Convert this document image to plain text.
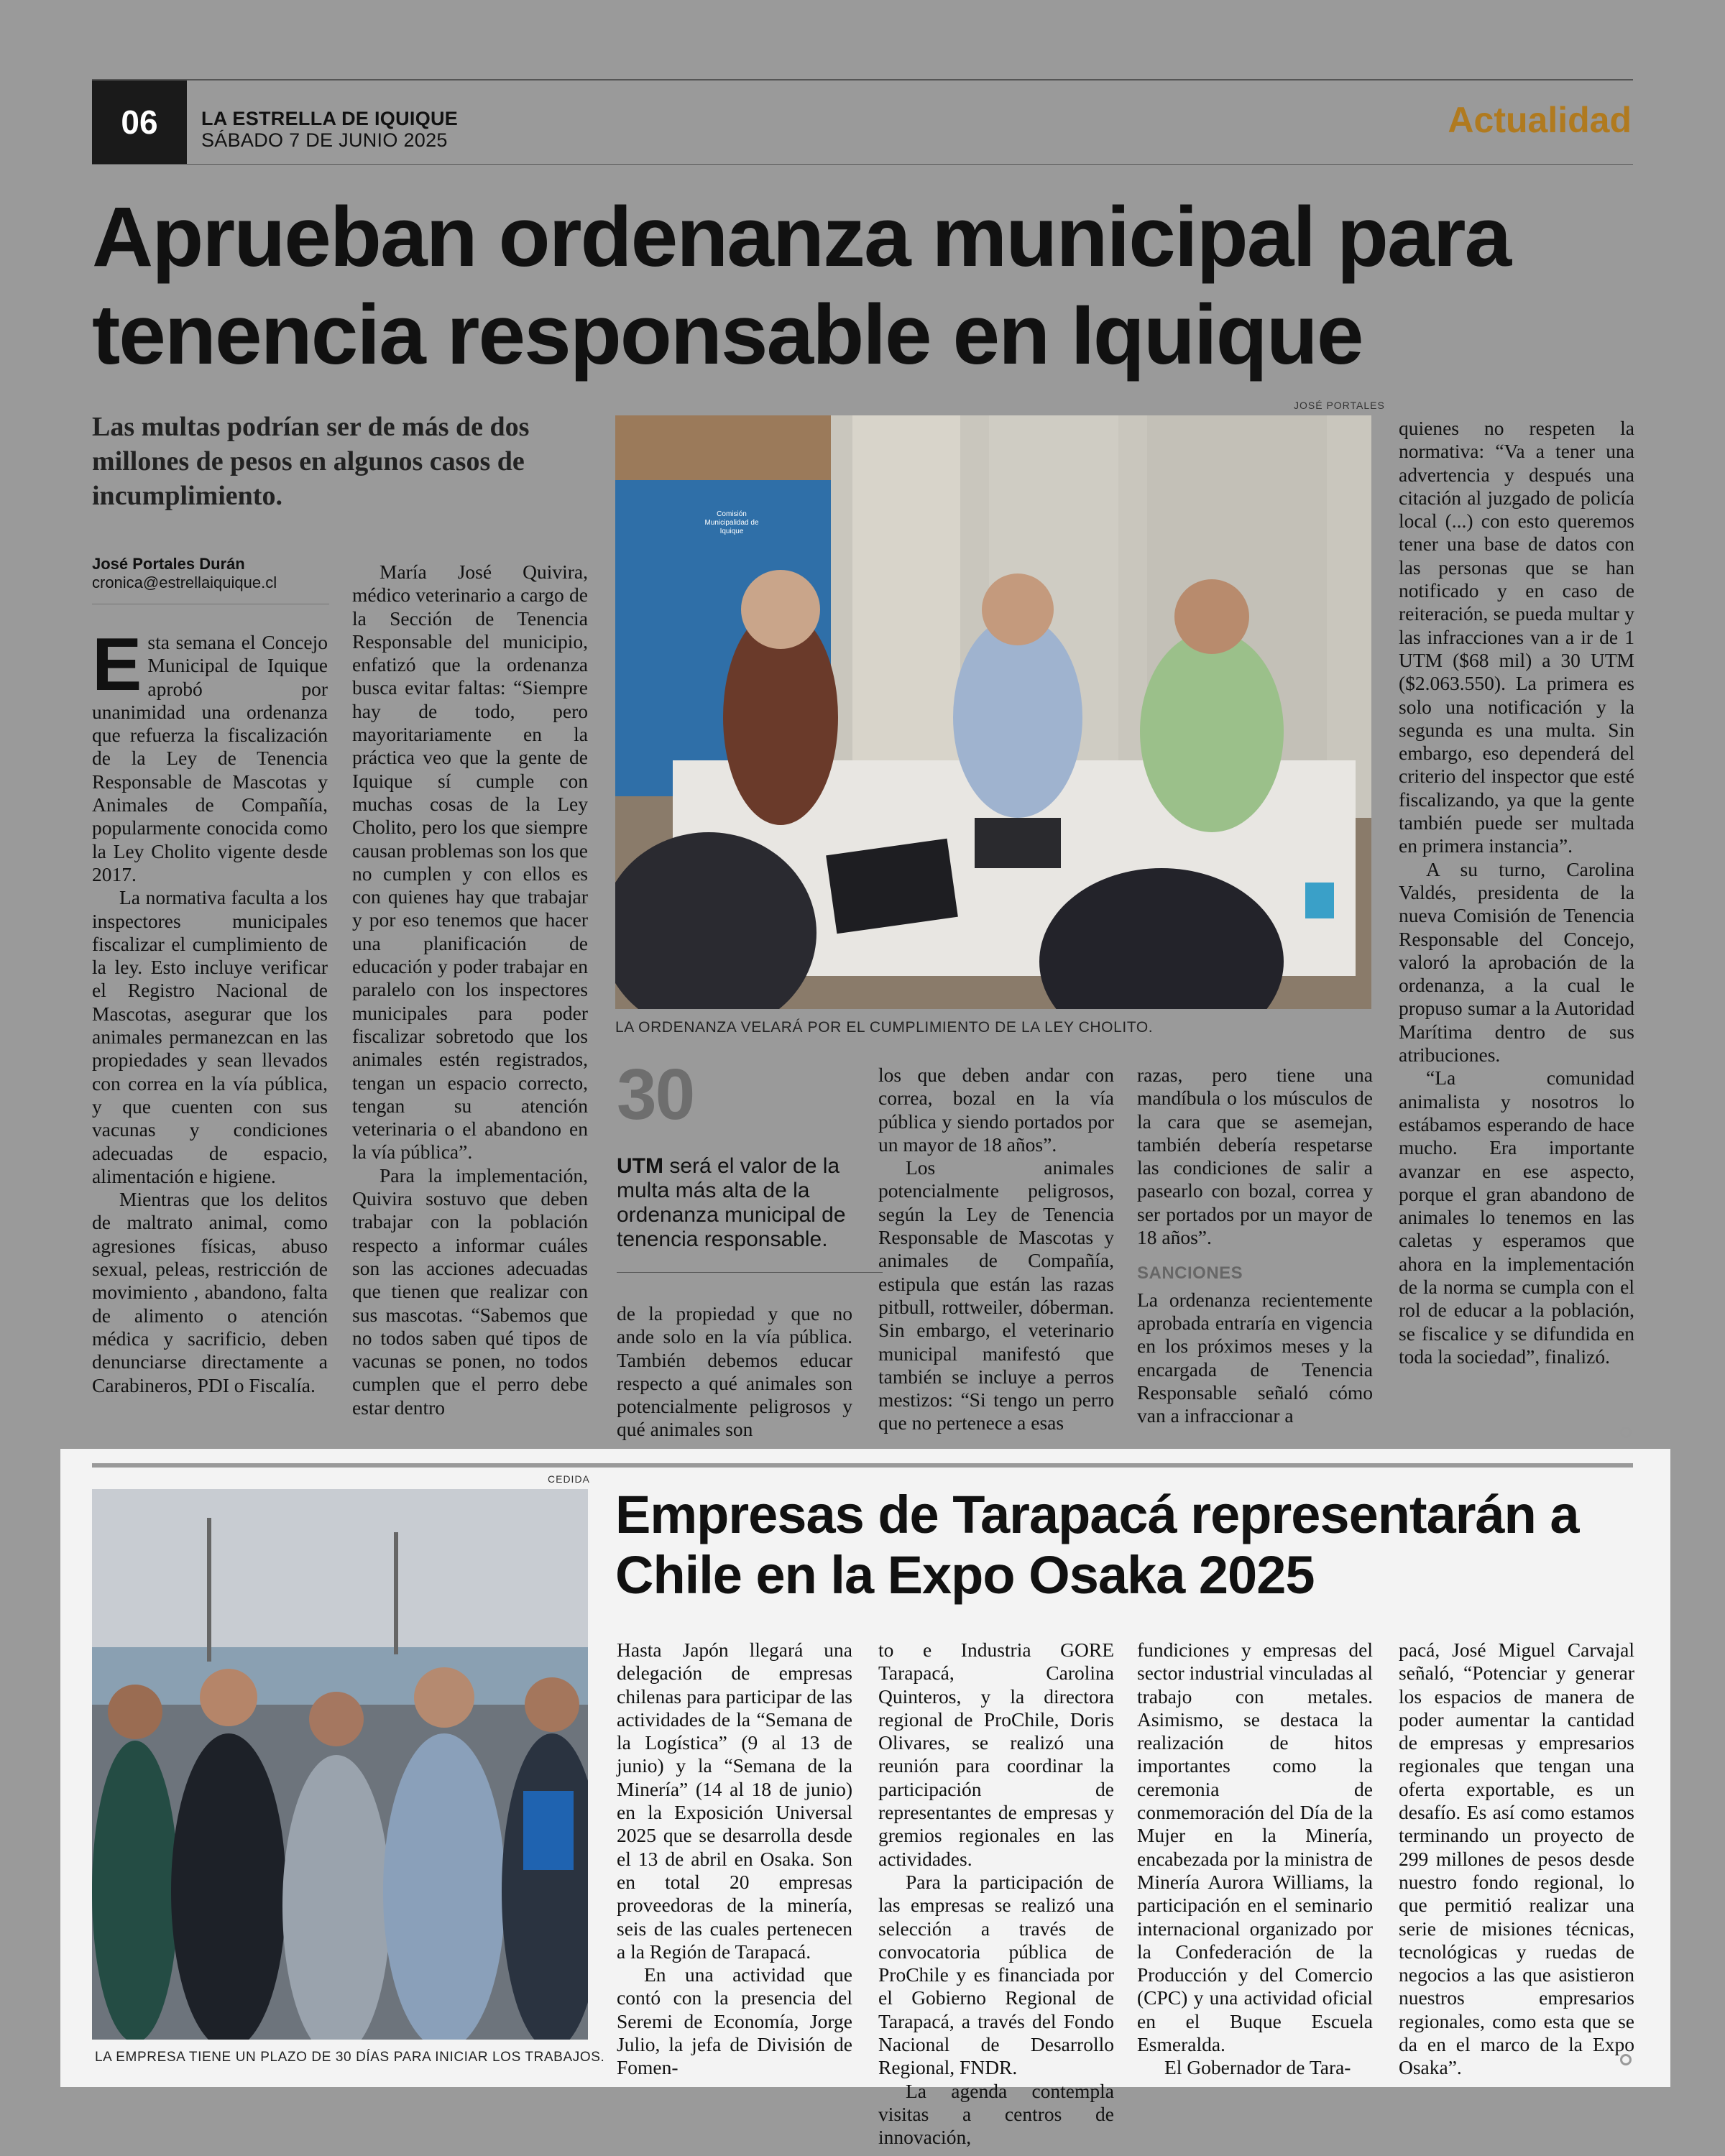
06	LA ESTRELLA DE IQUIQUE
SÁBADO 7 DE JUNIO 2025	Actualidad
Aprueban ordenanza municipal para tenencia responsable en Iquique
Las multas podrían ser de más de dos millones de pesos en algunos casos de incumplimiento.
José Portales Durán
cronica@estrellaiquique.cl

Esta semana el Concejo Municipal de Iquique aprobó por unanimidad una ordenanza que refuerza la fiscalización de la Ley de Tenencia Responsable de Mascotas y Animales de Compañía, popularmente conocida como la Ley Cholito vigente desde 2017.

La normativa faculta a los inspectores municipales fiscalizar el cumplimiento de la ley. Esto incluye verificar el Registro Nacional de Mascotas, asegurar que los animales permanezcan en las propiedades y sean llevados con correa en la vía pública, y que cuenten con sus vacunas y condiciones adecuadas de espacio, alimentación e higiene.

Mientras que los delitos de maltrato animal, como agresiones físicas, abuso sexual, peleas, restricción de movimiento , abandono, falta de alimento o atención médica y sacrificio, deben denunciarse directamente a Carabineros, PDI o Fiscalía.

María José Quivira, médico veterinario a cargo de la Sección de Tenencia Responsable del municipio, enfatizó que la ordenanza busca evitar faltas: “Siempre hay de todo, pero mayoritariamente en la práctica veo que la gente de Iquique sí cumple con muchas cosas de la Ley Cholito, pero los que siempre causan problemas son los que no cumplen y con ellos es con quienes hay que trabajar y por eso tenemos que hacer una planificación de educación y poder trabajar en paralelo con los inspectores municipales para poder fiscalizar sobretodo que los animales estén registrados, tengan un espacio correcto, tengan su atención veterinaria o el abandono en la vía pública”.

Para la implementación, Quivira sostuvo que deben trabajar con la población respecto a informar cuáles son las acciones adecuadas que tienen que realizar con sus mascotas. “Sabemos que no todos saben qué tipos de vacunas se ponen, no todos cumplen que el perro debe estar dentro

JOSÉ PORTALES
Comisión Municipalidad de Iquique
LA ORDENANZA VELARÁ POR EL CUMPLIMIENTO DE LA LEY CHOLITO.
30
UTM será el valor de la multa más alta de la ordenanza municipal de tenencia responsable.

de la propiedad y que no ande solo en la vía pública. También debemos educar respecto a qué animales son potencialmente peligrosos y qué animales son

los que deben andar con correa, bozal en la vía pública y siendo portados por un mayor de 18 años”.

Los animales potencialmente peligrosos, según la Ley de Tenencia Responsable de Mascotas y animales de Compañía, estipula que están las razas pitbull, rottweiler, dóberman. Sin embargo, el veterinario municipal manifestó que también se incluye a perros mestizos: “Si tengo un perro que no pertenece a esas

razas, pero tiene una mandíbula o los músculos de la cara que se asemejan, también debería respetarse las condiciones de salir a pasearlo con bozal, correa y ser portados por un mayor de 18 años”.

SANCIONES

La ordenanza recientemente aprobada entraría en vigencia en los próximos meses y la encargada de Tenencia Responsable señaló cómo van a infraccionar a

quienes no respeten la normativa: “Va a tener una advertencia y después una citación al juzgado de policía local (...) con esto queremos tener una base de datos con las personas que se han notificado y en caso de reiteración, se pueda multar y las infracciones van a ir de 1 UTM ($68 mil) a 30 UTM ($2.063.550). La primera es solo una notificación y la segunda es una multa. Sin embargo, eso dependerá del criterio del inspector que esté fiscalizando, ya que la gente también puede ser multada en primera instancia”.

A su turno, Carolina Valdés, presidenta de la nueva Comisión de Tenencia Responsable del Concejo, valoró la aprobación de la ordenanza, a la cual le propuso sumar a la Autoridad Marítima dentro de sus atribuciones.

“La comunidad animalista y nosotros lo estábamos esperando de hace mucho. Era importante avanzar en ese aspecto, porque el gran abandono de animales lo tenemos en las caletas y esperamos que ahora en la implementación de la norma se cumpla con el rol de educar a la población, se fiscalice y se difundida en toda la sociedad”, finalizó.

CEDIDA
LA EMPRESA TIENE UN PLAZO DE 30 DÍAS PARA INICIAR LOS TRABAJOS.
Empresas de Tarapacá representarán a Chile en la Expo Osaka 2025

Hasta Japón llegará una delegación de empresas chilenas para participar de las actividades de la “Semana de la Logística” (9 al 13 de junio) y la “Semana de la Minería” (14 al 18 de junio) en la Exposición Universal 2025 que se desarrolla desde el 13 de abril en Osaka. Son en total 20 empresas proveedoras de la minería, seis de las cuales pertenecen a la Región de Tarapacá.

En una actividad que contó con la presencia del Seremi de Economía, Jorge Julio, la jefa de División de Fomen-

to e Industria GORE Tarapacá, Carolina Quinteros, y la directora regional de ProChile, Doris Olivares, se realizó una reunión para coordinar la participación de representantes de empresas y gremios regionales en las actividades.

Para la participación de las empresas se realizó una selección a través de convocatoria pública de ProChile y es financiada por el Gobierno Regional de Tarapacá, a través del Fondo Nacional de Desarrollo Regional, FNDR.

La agenda contempla visitas a centros de innovación,

fundiciones y empresas del sector industrial vinculadas al trabajo con metales. Asimismo, se destaca la realización de hitos importantes como la ceremonia de conmemoración del Día de la Mujer en la Minería, encabezada por la ministra de Minería Aurora Williams, la participación en el seminario internacional organizado por la Confederación de la Producción y del Comercio (CPC) y una actividad oficial en el Buque Escuela Esmeralda.

El Gobernador de Tara-

pacá, José Miguel Carvajal señaló, “Potenciar y generar los espacios de manera de poder aumentar la cantidad de empresas y empresarios regionales que tengan una oferta exportable, es un desafío. Es así como estamos terminando un proyecto de 299 millones de pesos desde nuestro fondo regional, lo que permitió realizar una serie de misiones técnicas, tecnológicas y ruedas de negocios a las que asistieron nuestros empresarios regionales, como esta que se da en el marco de la Expo Osaka”.
